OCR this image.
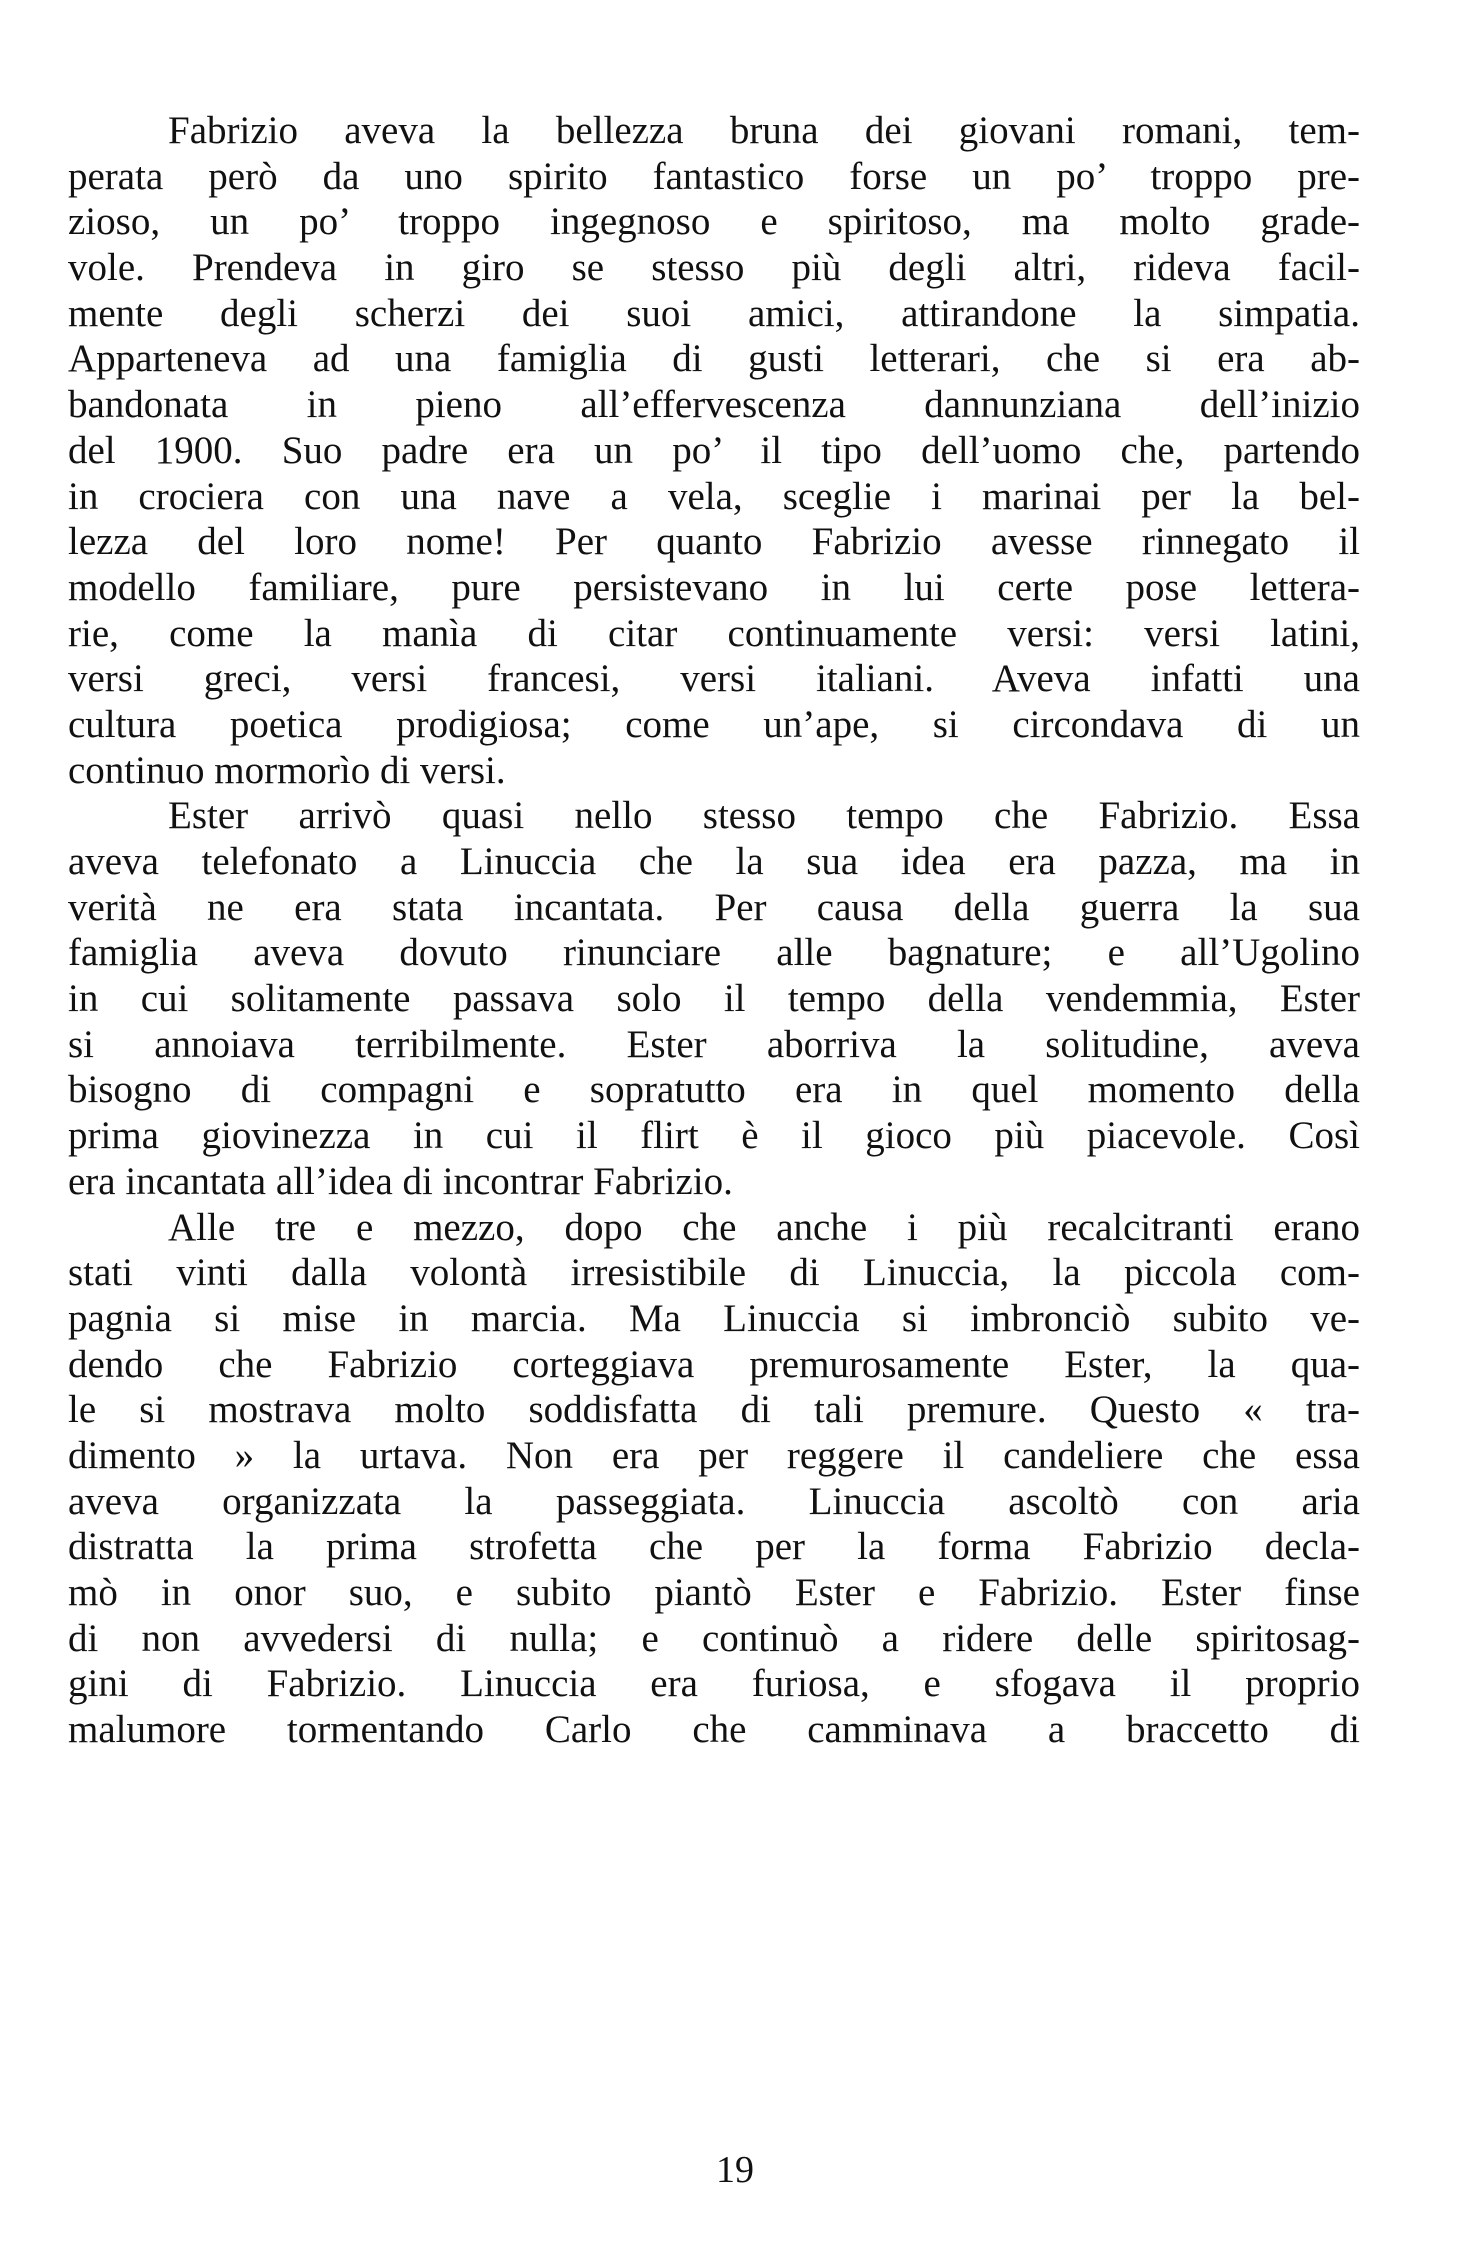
Fabrizio aveva la bellezza bruna dei giovani romani, tem-
perata però da uno spirito fantastico forse un po’ troppo pre-
zioso, un po’ troppo ingegnoso e spiritoso, ma molto grade-
vole. Prendeva in giro se stesso più degli altri, rideva facil-
mente degli scherzi dei suoi amici, attirandone la simpatia.
Apparteneva ad una famiglia di gusti letterari, che si era ab-
bandonata in pieno all’effervescenza dannunziana dell’inizio
del 1900. Suo padre era un po’ il tipo dell’uomo che, partendo
in crociera con una nave a vela, sceglie i marinai per la bel-
lezza del loro nome! Per quanto Fabrizio avesse rinnegato il
modello familiare, pure persistevano in lui certe pose lettera-
rie, come la manìa di citar continuamente versi: versi latini,
versi greci, versi francesi, versi italiani. Aveva infatti una
cultura poetica prodigiosa; come un’ape, si circondava di un
continuo mormorìo di versi.
Ester arrivò quasi nello stesso tempo che Fabrizio. Essa
aveva telefonato a Linuccia che la sua idea era pazza, ma in
verità ne era stata incantata. Per causa della guerra la sua
famiglia aveva dovuto rinunciare alle bagnature; e all’Ugolino
in cui solitamente passava solo il tempo della vendemmia, Ester
si annoiava terribilmente. Ester aborriva la solitudine, aveva
bisogno di compagni e sopratutto era in quel momento della
prima giovinezza in cui il flirt è il gioco più piacevole. Così
era incantata all’idea di incontrar Fabrizio.
Alle tre e mezzo, dopo che anche i più recalcitranti erano
stati vinti dalla volontà irresistibile di Linuccia, la piccola com-
pagnia si mise in marcia. Ma Linuccia si imbronciò subito ve-
dendo che Fabrizio corteggiava premurosamente Ester, la qua-
le si mostrava molto soddisfatta di tali premure. Questo « tra-
dimento » la urtava. Non era per reggere il candeliere che essa
aveva organizzata la passeggiata. Linuccia ascoltò con aria
distratta la prima strofetta che per la forma Fabrizio decla-
mò in onor suo, e subito piantò Ester e Fabrizio. Ester finse
di non avvedersi di nulla; e continuò a ridere delle spiritosag-
gini di Fabrizio. Linuccia era furiosa, e sfogava il proprio
malumore tormentando Carlo che camminava a braccetto di
19
